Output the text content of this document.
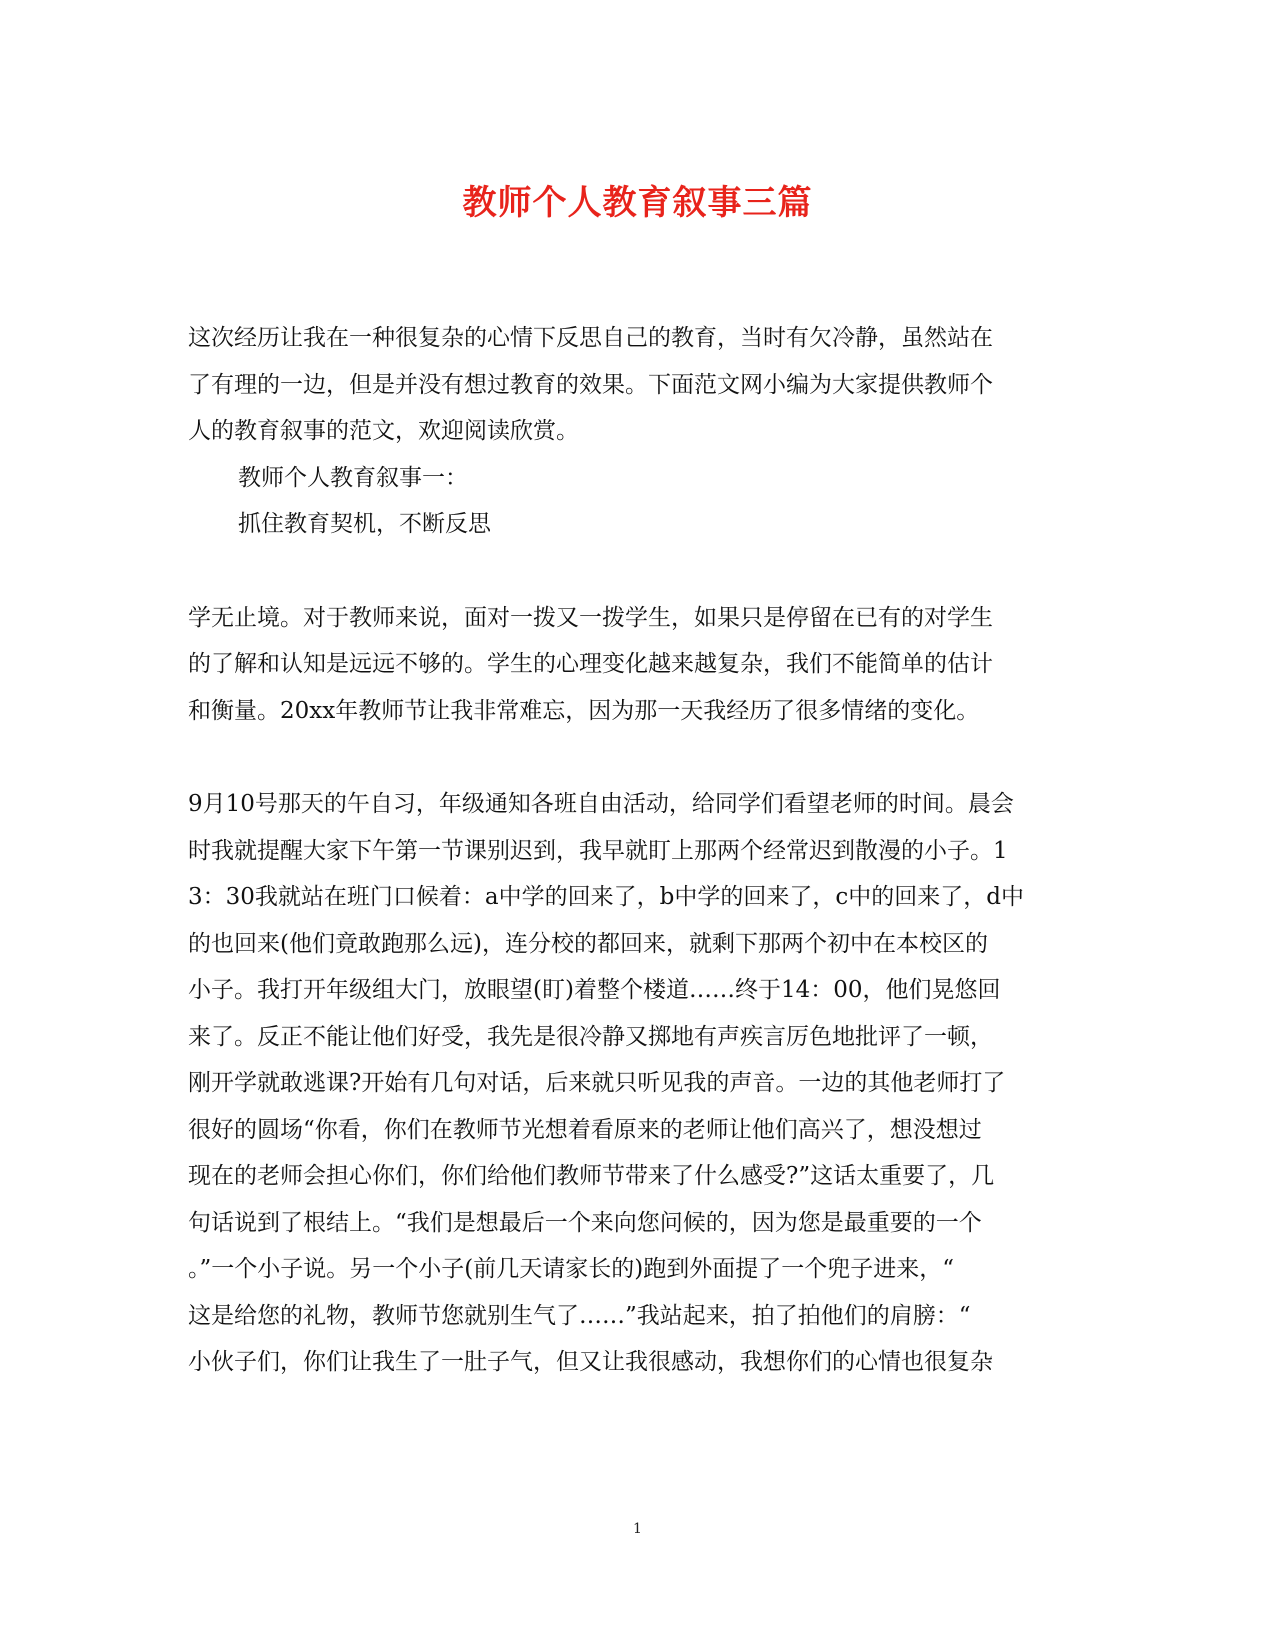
教师个人教育叙事三篇
这次经历让我在一种很复杂的心情下反思自己的教育，当时有欠冷静，虽然站在
了有理的一边，但是并没有想过教育的效果。下面范文网小编为大家提供教师个
人的教育叙事的范文，欢迎阅读欣赏。
教师个人教育叙事一：
抓住教育契机，不断反思
学无止境。对于教师来说，面对一拨又一拨学生，如果只是停留在已有的对学生
的了解和认知是远远不够的。学生的心理变化越来越复杂，我们不能简单的估计
和衡量。20xx年教师节让我非常难忘，因为那一天我经历了很多情绪的变化。
9月10号那天的午自习，年级通知各班自由活动，给同学们看望老师的时间。晨会
时我就提醒大家下午第一节课别迟到，我早就盯上那两个经常迟到散漫的小子。1
3：30我就站在班门口候着：a中学的回来了，b中学的回来了，c中的回来了，d中
的也回来(他们竟敢跑那么远)，连分校的都回来，就剩下那两个初中在本校区的
小子。我打开年级组大门，放眼望(盯)着整个楼道……终于14：00，他们晃悠回
来了。反正不能让他们好受，我先是很冷静又掷地有声疾言厉色地批评了一顿，
刚开学就敢逃课?开始有几句对话，后来就只听见我的声音。一边的其他老师打了
很好的圆场“你看，你们在教师节光想着看原来的老师让他们高兴了，想没想过
现在的老师会担心你们，你们给他们教师节带来了什么感受?”这话太重要了，几
句话说到了根结上。“我们是想最后一个来向您问候的，因为您是最重要的一个
。”一个小子说。另一个小子(前几天请家长的)跑到外面提了一个兜子进来，“
这是给您的礼物，教师节您就别生气了……”我站起来，拍了拍他们的肩膀：“
小伙子们，你们让我生了一肚子气，但又让我很感动，我想你们的心情也很复杂
1
